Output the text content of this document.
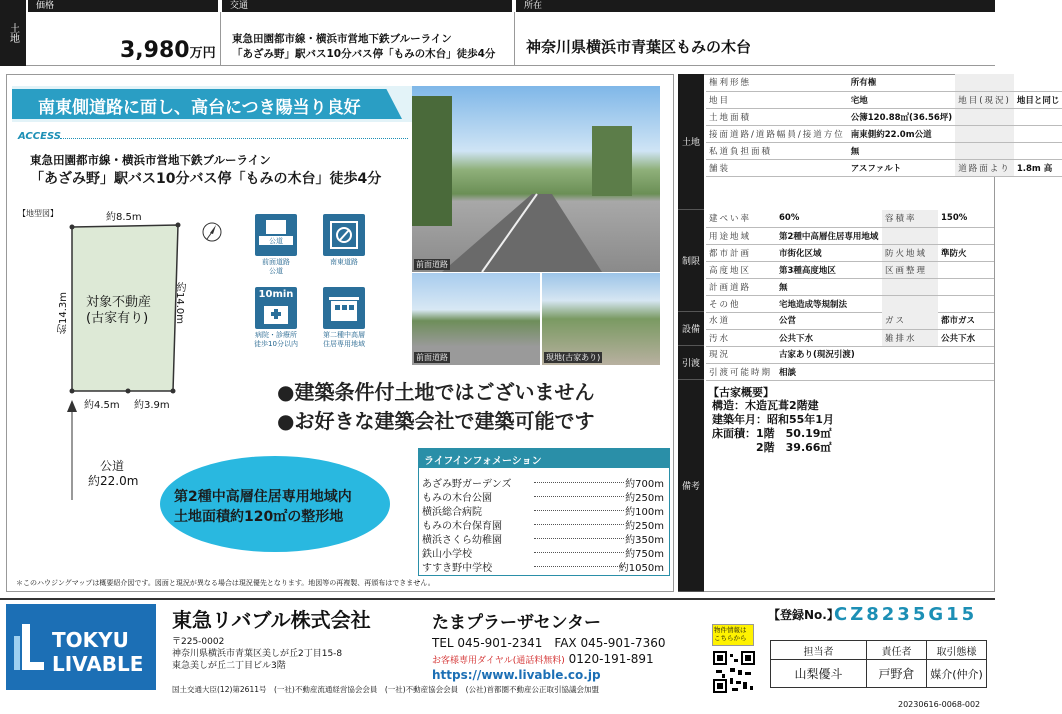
土地
価格	交通	所在
3,980万円
東急田園都市線・横浜市営地下鉄ブルーライン
「あざみ野」駅バス10分バス停「もみの木台」徒歩4分 神奈川県横浜市青葉区もみの木台
南東側道路に面し、高台につき陽当り良好
ACCESS
東急田園都市線・横浜市営地下鉄ブルーライン
「あざみ野」駅バス10分バス停「もみの木台」徒歩4分
【地型図】	約8.5m
約14.0m
約14.3m 対象不動産
(古家有り)
約4.5m 約3.9m
公道
約22.0m
公道
前面道路
公道
南東道路
10min
病院・診療所
徒歩10分以内
第二種中高層
住居専用地域
前面道路
前面道路	現地(古家あり)
●建築条件付土地ではございません
●お好きな建築会社で建築可能です
第2種中高層住居専用地域内
土地面積約120㎡の整形地
ライフインフォメーション
あざみ野ガーデンズ	約700m
もみの木台公園	約250m
横浜総合病院	約100m
もみの木台保育園	約250m
横浜さくら幼稚園	約350m
鉄山小学校	約750m
すすき野中学校	約1050m
＊このハウジングマップは概要紹介図です。図面と現況が異なる場合は現況優先となります。地図等の再複製、再頒布はできません。
土地
制限
設備
引渡
備考
権利形態	所有権		
地目	宅地	地目(現況)	地目と同じ
土地面積	公簿120.88㎡(36.56坪)		
接面道路/道路幅員/接道方位	南東側約22.0m公道		
私道負担面積	無		
舗装	アスファルト	道路面より	1.8m 高
建ぺい率	60%	容積率	150%
用途地域	第2種中高層住居専用地域		
都市計画	市街化区域	防火地域	準防火
高度地区	第3種高度地区	区画整理	
計画道路	無		
その他	宅地造成等規制法		
水道	公営	ガス	都市ガス
汚水	公共下水	雑排水	公共下水
現況	古家あり(現況引渡)
引渡可能時期	相談
【古家概要】
構造：木造瓦葺2階建
建築年月：昭和55年1月
床面積：1階　50.19㎡
　　　　2階　39.66㎡
TOKYU
LIVABLE
東急リバブル株式会社	たまプラーザセンター
〒225-0002
神奈川県横浜市青葉区美しが丘2丁目15-8
東急美しが丘二丁目ビル3階
TEL 045-901-2341　FAX 045-901-7360
お客様専用ダイヤル(通話料無料) 0120-191-891
https://www.livable.co.jp
国土交通大臣(12)第2611号　(一社)不動産流通経営協会会員　(一社)不動産協会会員　(公社)首都圏不動産公正取引協議会加盟
物件情報は
こちらから
【登録No.】
CZ8235G15
担当者	責任者	取引態様
山梨優斗	戸野倉	媒介(仲介)
20230616-0068-002
